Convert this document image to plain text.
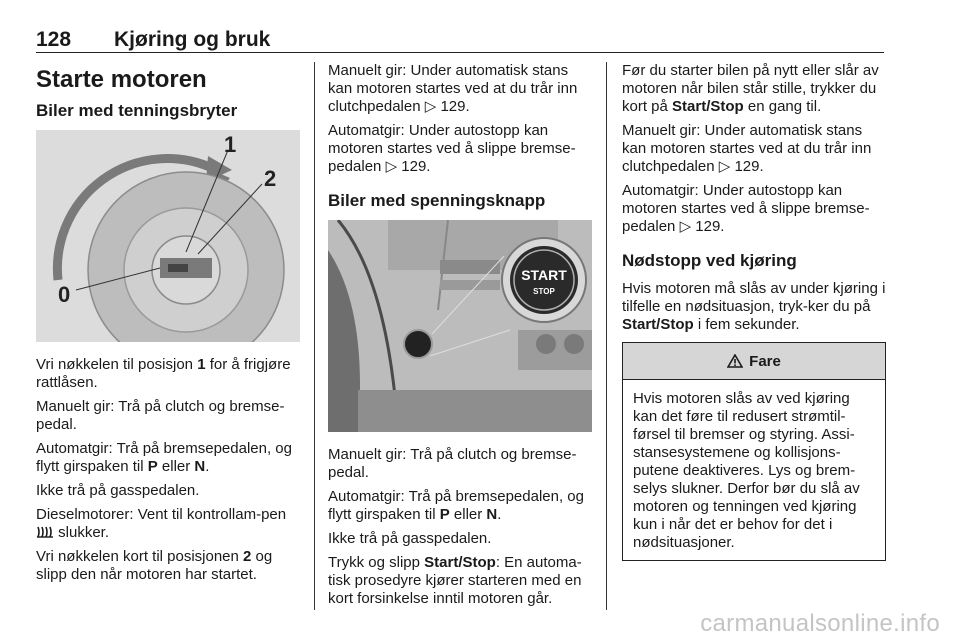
128 Kjøring og bruk
Starte motoren
Biler med tenningsbryter
0
1
2

Vri nøkkelen til posisjon 1 for å frigjøre rattlåsen.

Manuelt gir: Trå på clutch og bremse-pedal.

Automatgir: Trå på bremsepedalen, og flytt girspaken til P eller N.

Ikke trå på gasspedalen.

Dieselmotorer: Vent til kontrollam-pen  slukker.

Vri nøkkelen kort til posisjonen 2 og slipp den når motoren har startet.

Manuelt gir: Under automatisk stans kan motoren startes ved at du trår inn clutchpedalen ▷ 129.

Automatgir: Under autostopp kan motoren startes ved å slippe bremse-pedalen ▷ 129.

Biler med spenningsknapp
START
STOP

Manuelt gir: Trå på clutch og bremse-pedal.

Automatgir: Trå på bremsepedalen, og flytt girspaken til P eller N.

Ikke trå på gasspedalen.

Trykk og slipp Start/Stop: En automa-tisk prosedyre kjører starteren med en kort forsinkelse inntil motoren går.

Før du starter bilen på nytt eller slår av motoren når bilen står stille, trykker du kort på Start/Stop en gang til.

Manuelt gir: Under automatisk stans kan motoren startes ved at du trår inn clutchpedalen ▷ 129.

Automatgir: Under autostopp kan motoren startes ved å slippe bremse-pedalen ▷ 129.

Nødstopp ved kjøring

Hvis motoren må slås av under kjøring i tilfelle en nødsituasjon, tryk-ker du på Start/Stop i fem sekunder.

Fare
Hvis motoren slås av ved kjøring kan det føre til redusert strømtil-førsel til bremser og styring. Assi-stansesystemene og kollisjons-putene deaktiveres. Lys og brem-selys slukner. Derfor bør du slå av motoren og tenningen ved kjøring kun i når det er behov for det i nødsituasjoner.
carmanualsonline.info
